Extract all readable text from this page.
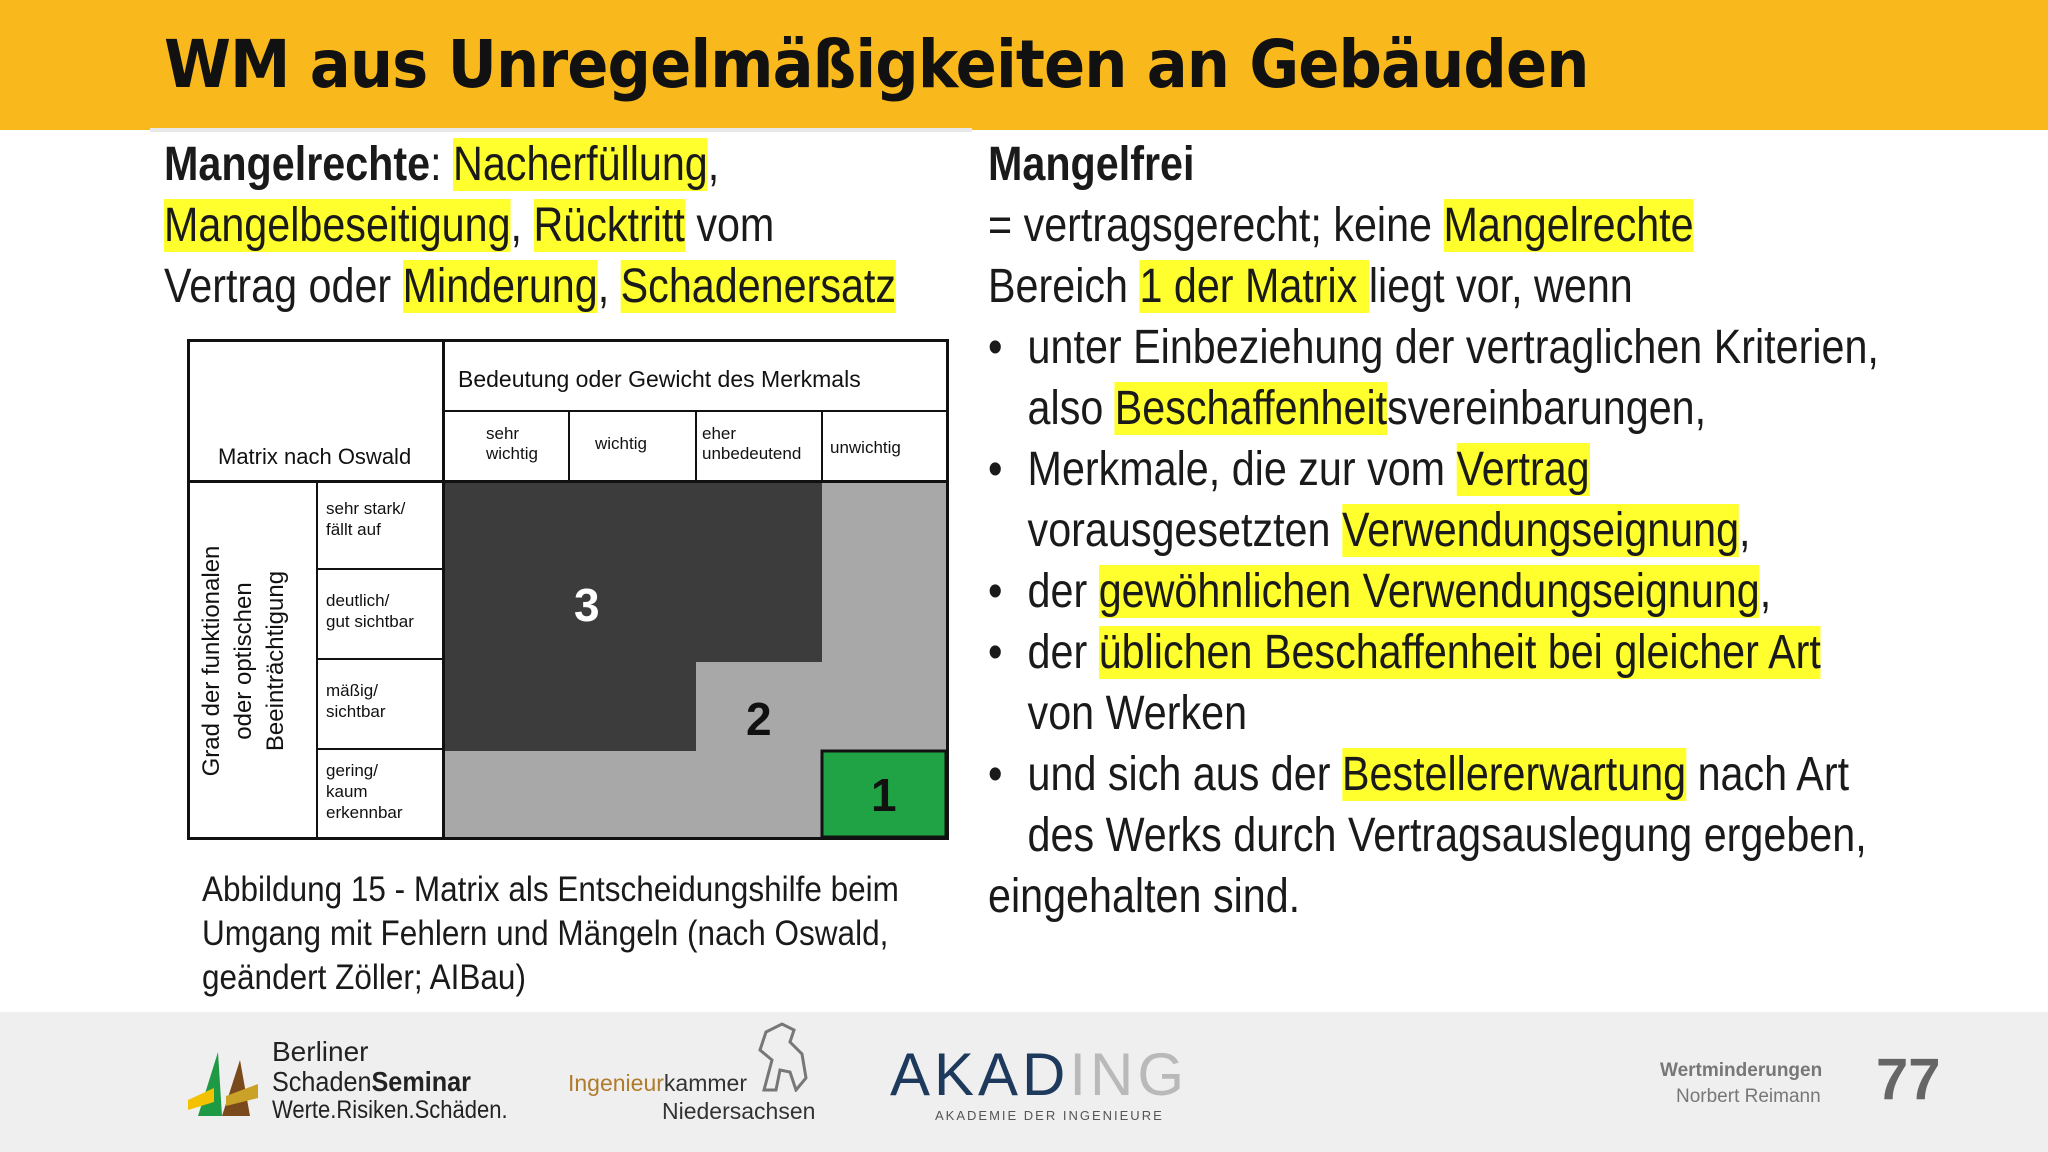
WM aus Unregelmäßigkeiten an Gebäuden
Mangelrechte: Nacherfüllung,
Mangelbeseitigung, Rücktritt vom
Vertrag oder Minderung, Schadenersatz
Matrix nach Oswald
Bedeutung oder Gewicht des Merkmals
sehr
wichtig
wichtig
eher
unbedeutend unwichtig
Grad der funktionalen oder optischen Beeinträchtigung
sehr stark/
fällt auf
deutlich/
gut sichtbar
mäßig/
sichtbar
gering/
kaum
erkennbar
3
2
1
Abbildung 15 - Matrix als Entscheidungshilfe beim
Umgang mit Fehlern und Mängeln (nach Oswald,
geändert Zöller; AIBau)
Mangelfrei
= vertragsgerecht; keine Mangelrechte
Bereich 1 der Matrix liegt vor, wenn
• unter Einbeziehung der vertraglichen Kriterien,
also Beschaffenheitsvereinbarungen,
• Merkmale, die zur vom Vertrag
vorausgesetzten Verwendungseignung,
• der gewöhnlichen Verwendungseignung,
• der üblichen Beschaffenheit bei gleicher Art
von Werken
• und sich aus der Bestellererwartung nach Art
des Werks durch Vertragsauslegung ergeben,
eingehalten sind.
Berliner
SchadenSeminar
Werte.Risiken.Schäden.
Ingenieurkammer
Niedersachsen
AKADING
AKADEMIE DER INGENIEURE
Wertminderungen
Norbert Reimann 77
